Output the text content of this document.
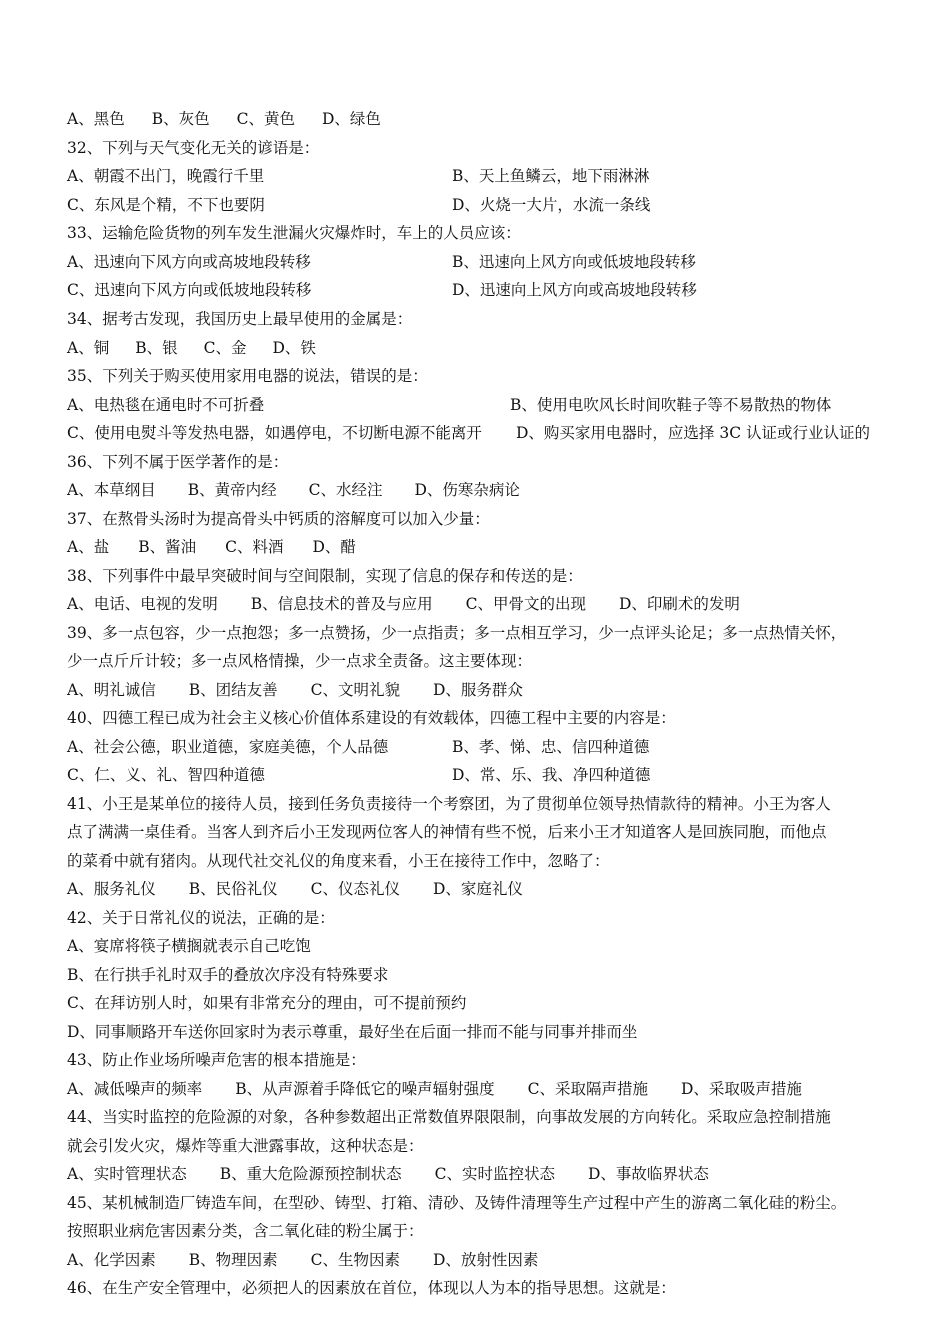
A、黑色 B、灰色 C、黄色 D、绿色
32、下列与天气变化无关的谚语是：
A、朝霞不出门，晚霞行千里	B、天上鱼鳞云，地下雨淋淋
C、东风是个精，不下也要阴	D、火烧一大片，水流一条线
33、运输危险货物的列车发生泄漏火灾爆炸时，车上的人员应该：
A、迅速向下风方向或高坡地段转移	B、迅速向上风方向或低坡地段转移
C、迅速向下风方向或低坡地段转移	D、迅速向上风方向或高坡地段转移
34、据考古发现，我国历史上最早使用的金属是：
A、铜 B、银 C、金 D、铁
35、下列关于购买使用家用电器的说法，错误的是：
A、电热毯在通电时不可折叠	B、使用电吹风长时间吹鞋子等不易散热的物体
C、使用电熨斗等发热电器，如遇停电，不切断电源不能离开 D、购买家用电器时，应选择 3C 认证或行业认证的
36、下列不属于医学著作的是：
A、本草纲目 B、黄帝内经 C、水经注 D、伤寒杂病论
37、在熬骨头汤时为提高骨头中钙质的溶解度可以加入少量：
A、盐 B、酱油 C、料酒 D、醋
38、下列事件中最早突破时间与空间限制，实现了信息的保存和传送的是：
A、电话、电视的发明 B、信息技术的普及与应用 C、甲骨文的出现 D、印刷术的发明
39、多一点包容，少一点抱怨；多一点赞扬，少一点指责；多一点相互学习，少一点评头论足；多一点热情关怀，
少一点斤斤计较；多一点风格情操，少一点求全责备。这主要体现：
A、明礼诚信 B、团结友善 C、文明礼貌 D、服务群众
40、四德工程已成为社会主义核心价值体系建设的有效载体，四德工程中主要的内容是：
A、社会公德，职业道德，家庭美德，个人品德	B、孝、悌、忠、信四种道德
C、仁、义、礼、智四种道德	D、常、乐、我、净四种道德
41、小王是某单位的接待人员，接到任务负责接待一个考察团，为了贯彻单位领导热情款待的精神。小王为客人
点了满满一桌佳肴。当客人到齐后小王发现两位客人的神情有些不悦，后来小王才知道客人是回族同胞，而他点
的菜肴中就有猪肉。从现代社交礼仪的角度来看，小王在接待工作中，忽略了：
A、服务礼仪 B、民俗礼仪 C、仪态礼仪 D、家庭礼仪
42、关于日常礼仪的说法，正确的是：
A、宴席将筷子横搁就表示自己吃饱
B、在行拱手礼时双手的叠放次序没有特殊要求
C、在拜访别人时，如果有非常充分的理由，可不提前预约
D、同事顺路开车送你回家时为表示尊重，最好坐在后面一排而不能与同事并排而坐
43、防止作业场所噪声危害的根本措施是：
A、减低噪声的频率 B、从声源着手降低它的噪声辐射强度 C、采取隔声措施 D、采取吸声措施
44、当实时监控的危险源的对象，各种参数超出正常数值界限限制，向事故发展的方向转化。采取应急控制措施
就会引发火灾，爆炸等重大泄露事故，这种状态是：
A、实时管理状态 B、重大危险源预控制状态 C、实时监控状态 D、事故临界状态
45、某机械制造厂铸造车间，在型砂、铸型、打箱、清砂、及铸件清理等生产过程中产生的游离二氧化硅的粉尘。
按照职业病危害因素分类，含二氧化硅的粉尘属于：
A、化学因素 B、物理因素 C、生物因素 D、放射性因素
46、在生产安全管理中，必须把人的因素放在首位，体现以人为本的指导思想。这就是：
